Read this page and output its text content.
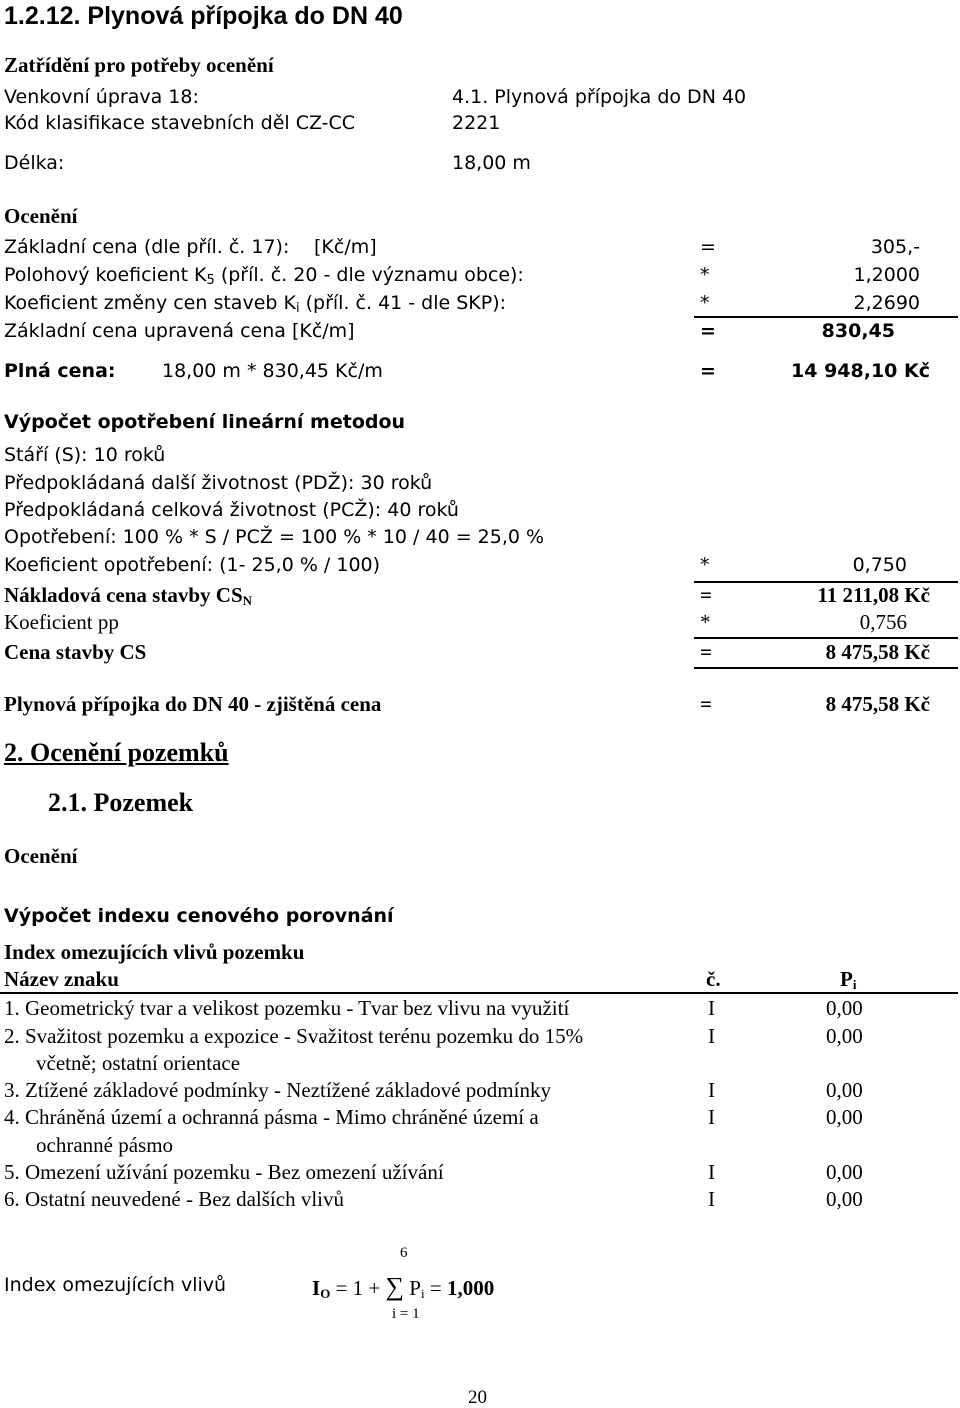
1.2.12. Plynová přípojka do DN 40
Zatřídění pro potřeby ocenění
Venkovní úprava 18:	4.1. Plynová přípojka do DN 40
Kód klasifikace stavebních děl CZ-CC	2221
Délka:	18,00 m
Ocenění
Základní cena (dle příl. č. 17): [Kč/m]	=	305,-
Polohový koeficient $K_5$ (příl. č. 20 - dle významu obce):	*	1,2000
Koeficient změny cen staveb $K_i$ (příl. č. 41 - dle SKP):	*	2,2690
Základní cena upravená cena [Kč/m]	=	830,45
Plná cena: 18,00 m * 830,45 Kč/m	=	14 948,10 Kč
Výpočet opotřebení lineární metodou
Stáří (S): 10 roků
Předpokládaná další životnost (PDŽ): 30 roků
Předpokládaná celková životnost (PCŽ): 40 roků
Opotřebení: 100 % * S / PCŽ = 100 % * 10 / 40 = 25,0 %
Koeficient opotřebení: (1- 25,0 % / 100)	*	0,750
Nákladová cena stavby $CS_N$	=	11 211,08 Kč
Koeficient pp	*	0,756
Cena stavby CS	=	8 475,58 Kč
Plynová přípojka do DN 40 - zjištěná cena	=	8 475,58 Kč
2. Ocenění pozemků
2.1. Pozemek
Ocenění
Výpočet indexu cenového porovnání
Index omezujících vlivů pozemku
Název znaku	č.	$P_i$
1. Geometrický tvar a velikost pozemku - Tvar bez vlivu na využití	I	0,00
2. Svažitost pozemku a expozice - Svažitost terénu pozemku do 15%
včetně; ostatní orientace
I	0,00
3. Ztížené základové podmínky - Neztížené základové podmínky	I	0,00
4. Chráněná území a ochranná pásma - Mimo chráněné území a
ochranné pásmo
I	0,00
5. Omezení užívání pozemku - Bez omezení užívání	I	0,00
6. Ostatní neuvedené - Bez dalších vlivů	I	0,00
6
Index omezujících vlivů	$I_O = 1$ + ∑ $P_i = 1,000$
i = 1
20
